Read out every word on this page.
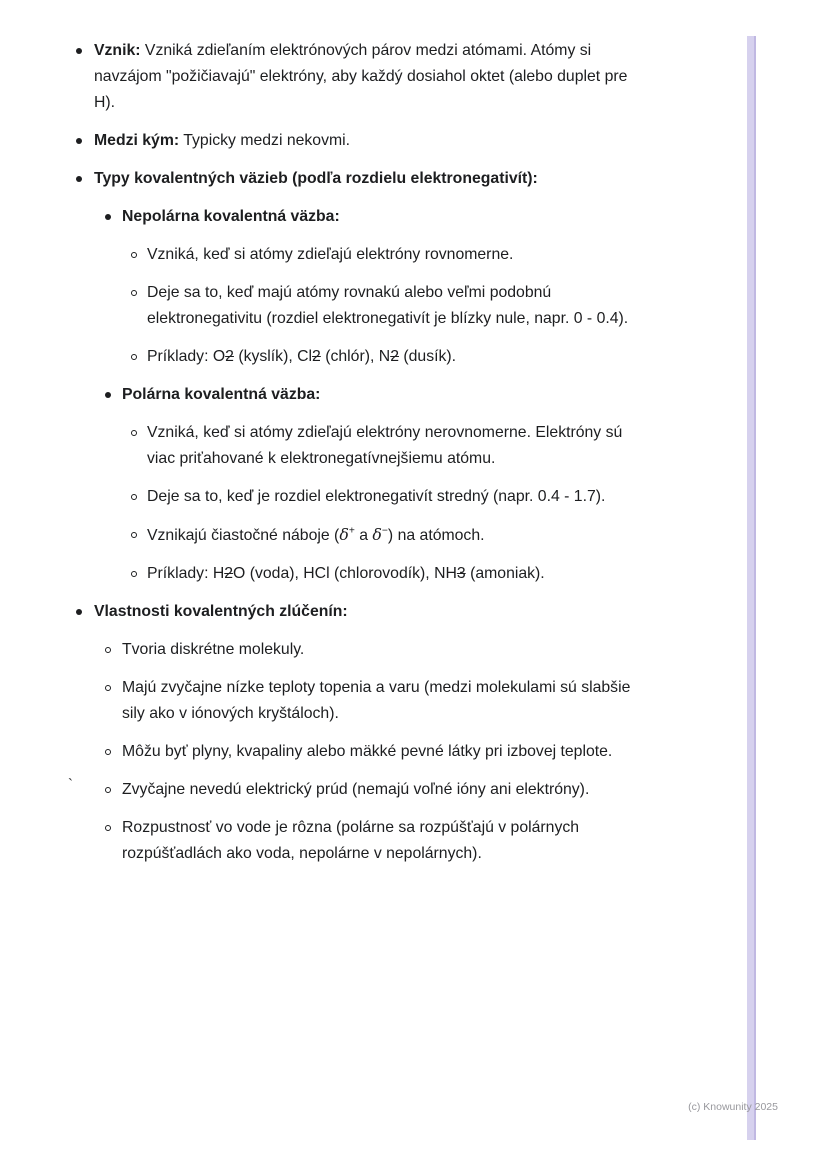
Vznik: Vzniká zdieľaním elektrónových párov medzi atómami. Atómy si navzájom "požičiavajú" elektróny, aby každý dosiahol oktet (alebo duplet pre H).
Medzi kým: Typicky medzi nekovmi.
Typy kovalentných väzieb (podľa rozdielu elektronegativít):
Nepolárna kovalentná väzba:
Vzniká, keď si atómy zdieľajú elektróny rovnomerne.
Deje sa to, keď majú atómy rovnakú alebo veľmi podobnú elektronegativitu (rozdiel elektronegativít je blízky nule, napr. 0 - 0.4).
Príklady: O2 (kyslík), Cl2 (chlór), N2 (dusík).
Polárna kovalentná väzba:
Vzniká, keď si atómy zdieľajú elektróny nerovnomerne. Elektróny sú viac priťahované k elektronegatívnejšiemu atómu.
Deje sa to, keď je rozdiel elektronegativít stredný (napr. 0.4 - 1.7).
Vznikajú čiastočné náboje (δ+ a δ−) na atómoch.
Príklady: H2O (voda), HCl (chlorovodík), NH3 (amoniak).
Vlastnosti kovalentných zlúčenín:
Tvoria diskrétne molekuly.
Majú zvyčajne nízke teploty topenia a varu (medzi molekulami sú slabšie sily ako v iónových kryštáloch).
Môžu byť plyny, kvapaliny alebo mäkké pevné látky pri izbovej teplote.
Zvyčajne nevedú elektrický prúd (nemajú voľné ióny ani elektróny).
Rozpustnosť vo vode je rôzna (polárne sa rozpúšťajú v polárnych rozpúšťadlách ako voda, nepolárne v nepolárnych).
`
(c) Knowunity 2025
